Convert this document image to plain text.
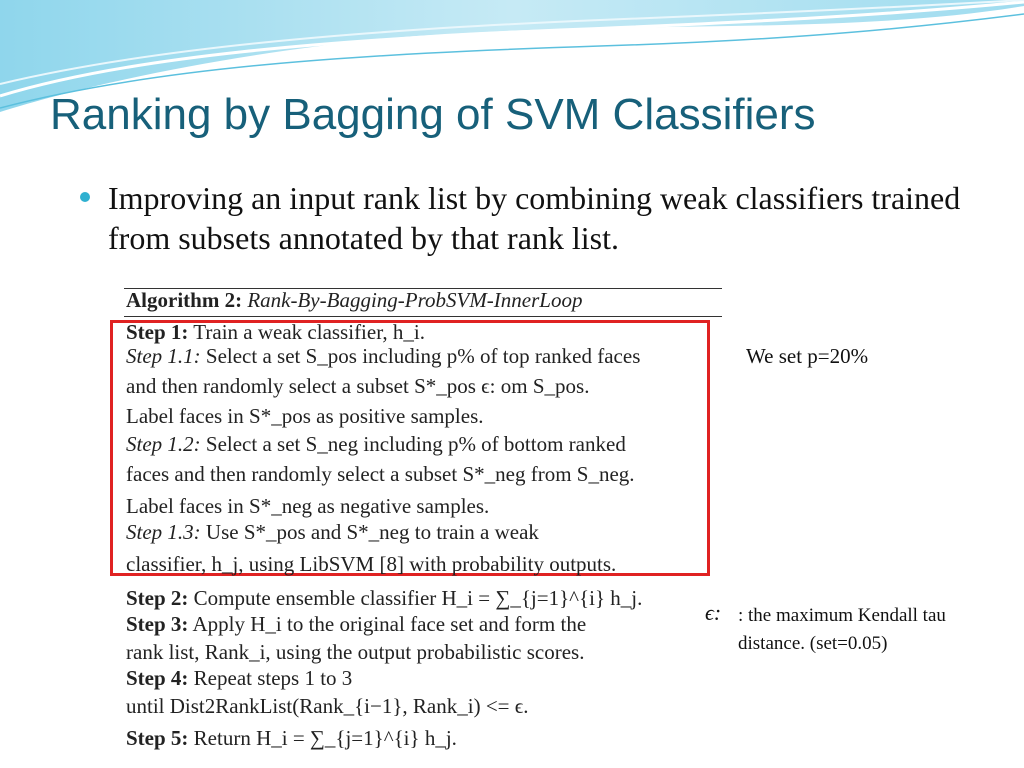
Ranking by Bagging of SVM Classifiers

Improving an input rank list by combining weak classifiers trained from subsets annotated by that rank list.

Algorithm 2: Rank-By-Bagging-ProbSVM-InnerLoop
Step 1: Train a weak classifier, h_i.
Step 1.1: Select a set S_pos including p% of top ranked faces
and then randomly select a subset S*_pos ϵ: om S_pos.
Label faces in S*_pos as positive samples.
Step 1.2: Select a set S_neg including p% of bottom ranked
faces and then randomly select a subset S*_neg from S_neg.
Label faces in S*_neg as negative samples.
Step 1.3: Use S*_pos and S*_neg to train a weak
classifier, h_j, using LibSVM [8] with probability outputs.
Step 2: Compute ensemble classifier H_i = ∑_{j=1}^{i} h_j.
Step 3: Apply H_i to the original face set and form the
rank list, Rank_i, using the output probabilistic scores.
Step 4: Repeat steps 1 to 3
until Dist2RankList(Rank_{i−1}, Rank_i) <= ϵ.
Step 5: Return H_i = ∑_{j=1}^{i} h_j.
We set p=20%
ϵ: : the maximum Kendall tau distance. (set=0.05)
